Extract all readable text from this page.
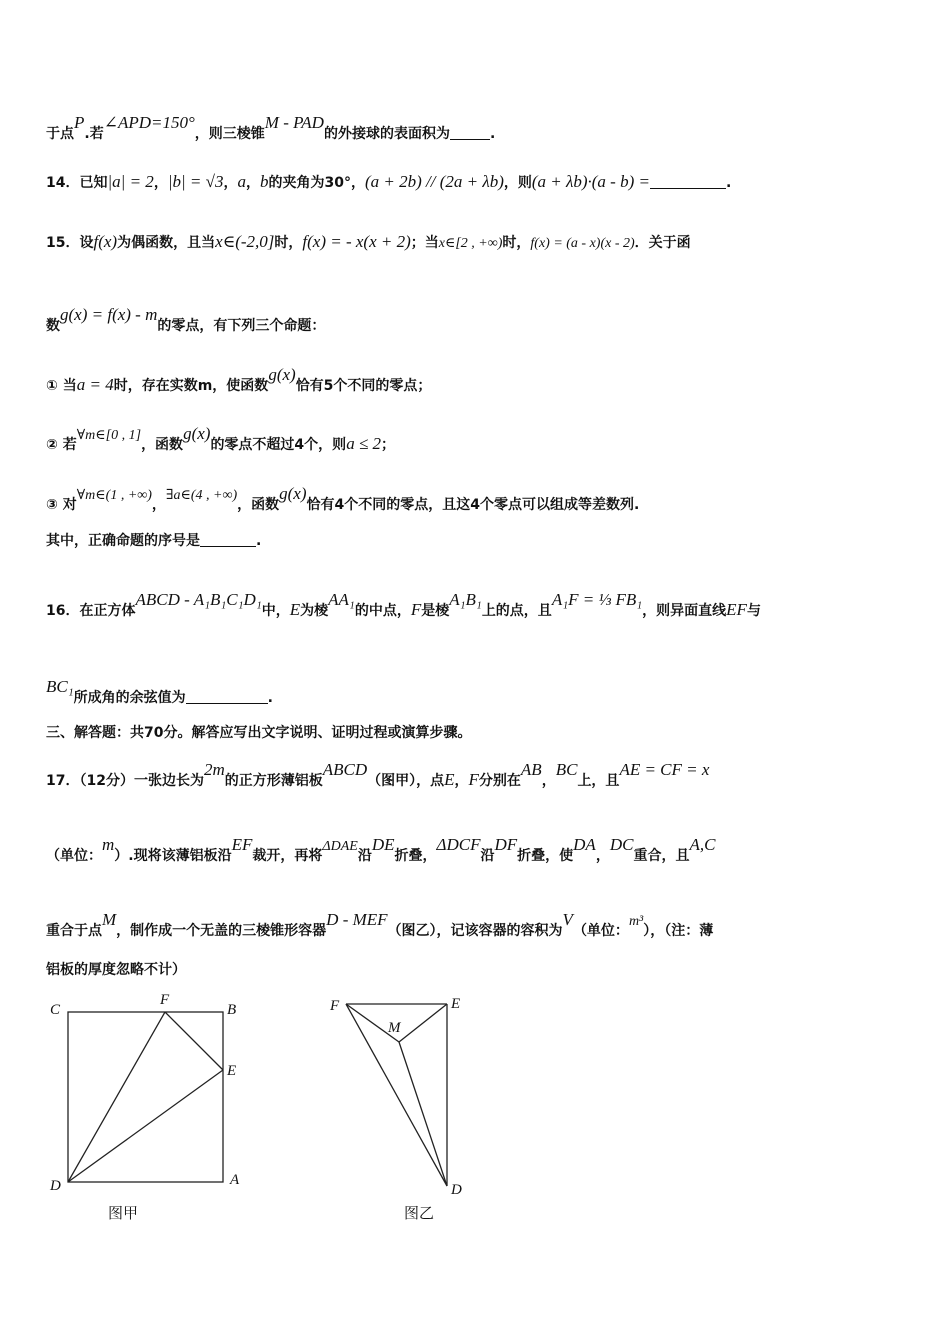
于点P.若∠APD=150°，则三棱锥M - PAD的外接球的表面积为	.
14．已知|a| = 2，|b| = √3，a，b的夹角为30°，(a + 2b) // (2a + λb)，则(a + λb)·(a - b) =	.
15．设f(x)为偶函数，且当x∈(-2,0]时，f(x) = - x(x + 2)；当x∈[2 , +∞)时，f(x) = (a - x)(x - 2)．关于函
数g(x) = f(x) - m的零点，有下列三个命题：
① 当a = 4时，存在实数m，使函数g(x)恰有5个不同的零点；
② 若∀m∈[0 , 1]，函数g(x)的零点不超过4个，则a ≤ 2；
③ 对∀m∈(1 , +∞)，∃a∈(4 , +∞)，函数g(x)恰有4个不同的零点，且这4个零点可以组成等差数列.
其中，正确命题的序号是	.
16．在正方体ABCD - A₁B₁C₁D₁中，E为棱AA₁的中点，F是棱A₁B₁上的点，且A₁F = ⅓ FB₁，则异面直线EF与
BC₁所成角的余弦值为	.
三、解答题：共70分。解答应写出文字说明、证明过程或演算步骤。
17．（12分）一张边长为2m的正方形薄铝板ABCD（图甲），点E，F分别在AB，BC上，且AE = CF = x
（单位：m）.现将该薄铝板沿EF裁开，再将ΔDAE沿DE折叠，ΔDCF沿DF折叠，使DA，DC重合，且A,C
重合于点M，制作成一个无盖的三棱锥形容器D - MEF（图乙），记该容器的容积为V（单位：m³），（注：薄
铝板的厚度忽略不计）
C
F
B
E
D	A
图甲
F
M
E
D
图乙
